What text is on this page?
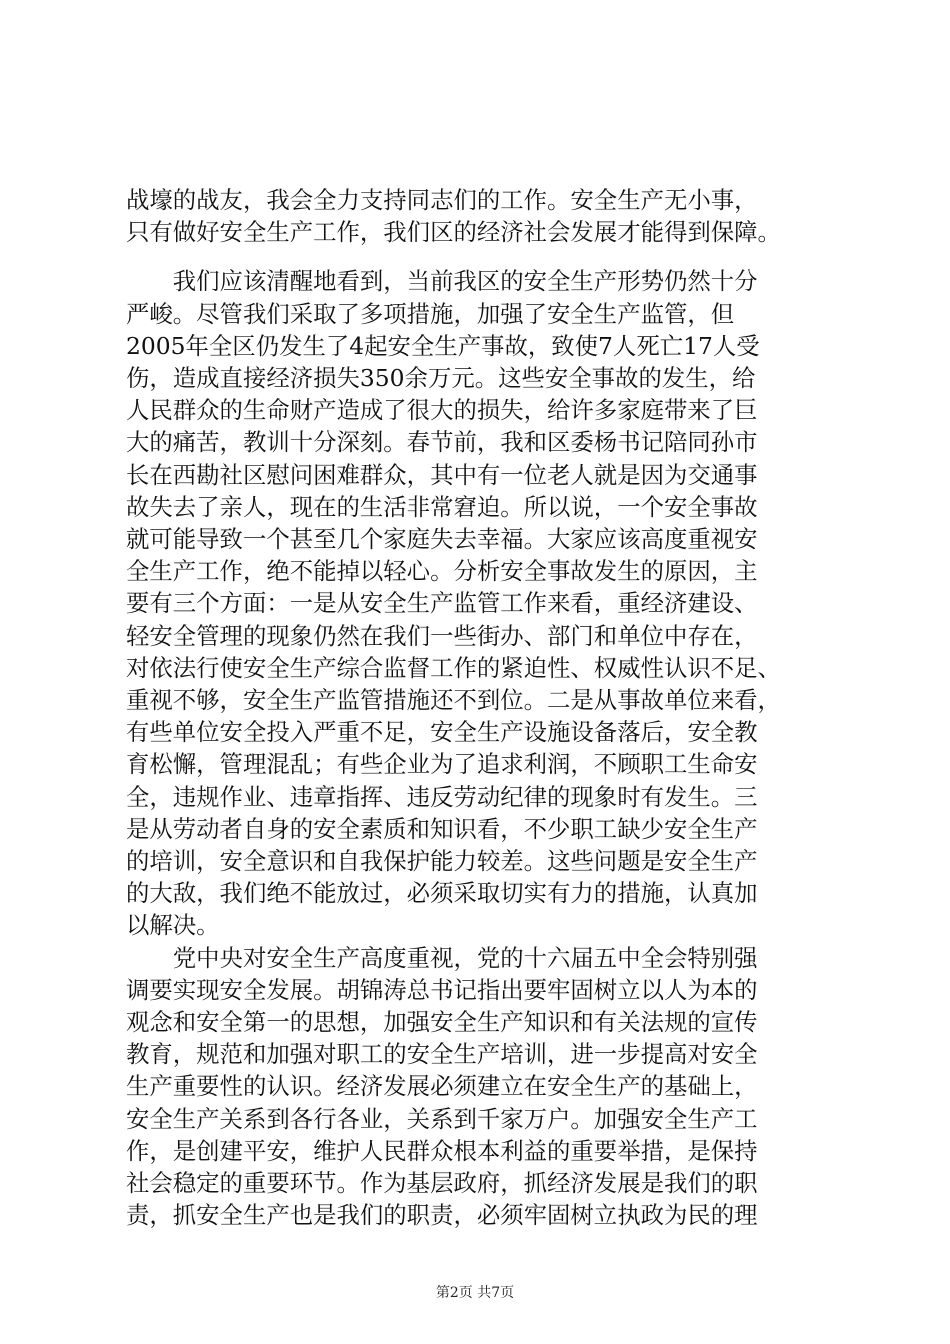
战壕的战友，我会全力支持同志们的工作。安全生产无小事，
只有做好安全生产工作，我们区的经济社会发展才能得到保障。
　　我们应该清醒地看到，当前我区的安全生产形势仍然十分
严峻。尽管我们采取了多项措施，加强了安全生产监管，但
2005年全区仍发生了4起安全生产事故，致使7人死亡17人受
伤，造成直接经济损失350余万元。这些安全事故的发生，给
人民群众的生命财产造成了很大的损失，给许多家庭带来了巨
大的痛苦，教训十分深刻。春节前，我和区委杨书记陪同孙市
长在西勘社区慰问困难群众，其中有一位老人就是因为交通事
故失去了亲人，现在的生活非常窘迫。所以说，一个安全事故
就可能导致一个甚至几个家庭失去幸福。大家应该高度重视安
全生产工作，绝不能掉以轻心。分析安全事故发生的原因，主
要有三个方面：一是从安全生产监管工作来看，重经济建设、
轻安全管理的现象仍然在我们一些街办、部门和单位中存在，
对依法行使安全生产综合监督工作的紧迫性、权威性认识不足、
重视不够，安全生产监管措施还不到位。二是从事故单位来看，
有些单位安全投入严重不足，安全生产设施设备落后，安全教
育松懈，管理混乱；有些企业为了追求利润，不顾职工生命安
全，违规作业、违章指挥、违反劳动纪律的现象时有发生。三
是从劳动者自身的安全素质和知识看，不少职工缺少安全生产
的培训，安全意识和自我保护能力较差。这些问题是安全生产
的大敌，我们绝不能放过，必须采取切实有力的措施，认真加
以解决。
　　党中央对安全生产高度重视，党的十六届五中全会特别强
调要实现安全发展。胡锦涛总书记指出要牢固树立以人为本的
观念和安全第一的思想，加强安全生产知识和有关法规的宣传
教育，规范和加强对职工的安全生产培训，进一步提高对安全
生产重要性的认识。经济发展必须建立在安全生产的基础上，
安全生产关系到各行各业，关系到千家万户。加强安全生产工
作，是创建平安，维护人民群众根本利益的重要举措，是保持
社会稳定的重要环节。作为基层政府，抓经济发展是我们的职
责，抓安全生产也是我们的职责，必须牢固树立执政为民的理
第2页 共7页
